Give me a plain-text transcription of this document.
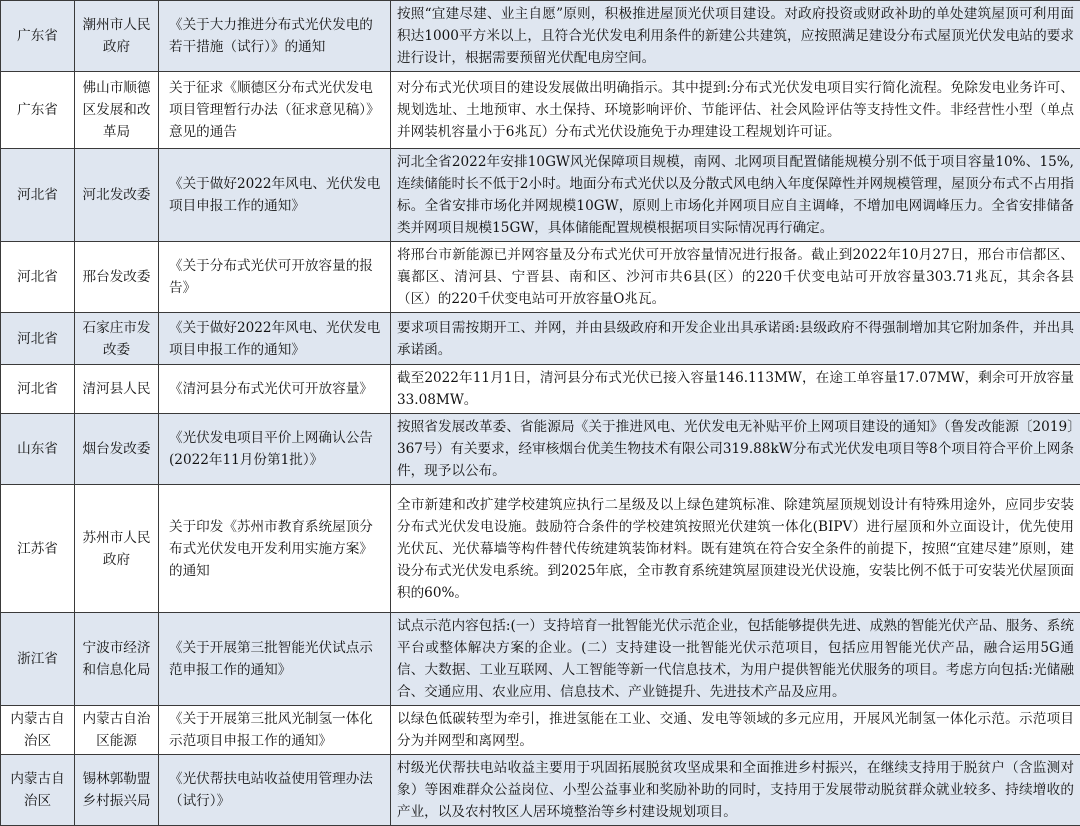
广东省	潮州市人民政府	《关于大力推进分布式光伏发电的若干措施（试行）》的通知	按照“宜建尽建、业主自愿”原则，积极推进屋顶光伏项目建设。对政府投资或财政补助的单处建筑屋顶可利用面积达1000平方米以上，且符合光伏发电利用条件的新建公共建筑，应按照满足建设分布式屋顶光伏发电站的要求进行设计，根据需要预留光伏配电房空间。
广东省	佛山市顺德区发展和改革局	关于征求《顺德区分布式光伏发电项目管理暂行办法（征求意见稿）》意见的通告	对分布式光伏项目的建设发展做出明确指示。其中提到:分布式光伏发电项目实行简化流程。免除发电业务许可、规划选址、土地预审、水土保持、环境影响评价、节能评估、社会风险评估等支持性文件。非经营性小型（单点并网装机容量小于6兆瓦）分布式光伏设施免于办理建设工程规划许可证。
河北省	河北发改委	《关于做好2022年风电、光伏发电项目申报工作的通知》	河北全省2022年安排10GW风光保障项目规模，南网、北网项目配置储能规模分别不低于项目容量10%、15%,连续储能时长不低于2小时。地面分布式光伏以及分散式风电纳入年度保障性并网规模管理，屋顶分布式不占用指标。全省安排市场化并网规模10GW，原则上市场化并网项目应自主调峰，不增加电网调峰压力。全省安排储备类并网项目规模15GW，具体储能配置规模根据项目实际情况再行确定。
河北省	邢台发改委	《关于分布式光伏可开放容量的报告》	将邢台市新能源已并网容量及分布式光伏可开放容量情况进行报备。截止到2022年10月27日，邢台市信都区、襄都区、清河县、宁晋县、南和区、沙河市共6县(区）的220千伏变电站可开放容量303.71兆瓦，其余各县（区）的220千伏变电站可开放容量O兆瓦。
河北省	石家庄市发改委	《关于做好2022年风电、光伏发电项目申报工作的通知》	要求项目需按期开工、并网，并由县级政府和开发企业出具承诺函:县级政府不得强制增加其它附加条件，并出具承诺函。
河北省	清河县人民	《清河县分布式光伏可开放容量》	截至2022年11月1日，清河县分布式光伏已接入容量146.113MW，在途工单容量17.07MW，剩余可开放容量33.08MW。
山东省	烟台发改委	《光伏发电项目平价上网确认公告(2022年11月份第1批）》	按照省发展改革委、省能源局《关于推进风电、光伏发电无补贴平价上网项目建设的通知》（鲁发改能源〔2019〕367号）有关要求，经审核烟台优美生物技术有限公司319.88kW分布式光伏发电项目等8个项目符合平价上网条件，现予以公布。
江苏省	苏州市人民政府	关于印发《苏州市教育系统屋顶分布式光伏发电开发利用实施方案》的通知	全市新建和改扩建学校建筑应执行二星级及以上绿色建筑标准、除建筑屋顶规划设计有特殊用途外，应同步安装分布式光伏发电设施。鼓励符合条件的学校建筑按照光伏建筑一体化(BIPV）进行屋顶和外立面设计，优先使用光伏瓦、光伏幕墙等构件替代传统建筑装饰材料。既有建筑在符合安全条件的前提下，按照“宜建尽建”原则，建设分布式光伏发电系统。到2025年底，全市教育系统建筑屋顶建设光伏设施，安装比例不低于可安装光伏屋顶面积的60%。
浙江省	宁波市经济和信息化局	《关于开展第三批智能光伏试点示范申报工作的通知》	试点示范内容包括:(一）支持培育一批智能光伏示范企业，包括能够提供先进、成熟的智能光伏产品、服务、系统平台或整体解决方案的企业。(二）支持建设一批智能光伏示范项目，包括应用智能光伏产品，融合运用5G通信、大数据、工业互联网、人工智能等新一代信息技术，为用户提供智能光伏服务的项目。考虑方向包括:光储融合、交通应用、农业应用、信息技术、产业链提升、先进技术产品及应用。
内蒙古自治区	内蒙古自治区能源	《关于开展第三批风光制氢一体化示范项目申报工作的通知》	以绿色低碳转型为牵引，推进氢能在工业、交通、发电等领域的多元应用，开展风光制氢一体化示范。示范项目分为并网型和离网型。
内蒙古自治区	锡林郭勒盟乡村振兴局	《光伏帮扶电站收益使用管理办法（试行）》	村级光伏帮扶电站收益主要用于巩固拓展脱贫攻坚成果和全面推进乡村振兴，在继续支持用于脱贫户（含监测对象）等困难群众公益岗位、小型公益事业和奖励补助的同时，支持用于发展带动脱贫群众就业较多、持续增收的产业，以及农村牧区人居环境整治等乡村建设规划项目。
